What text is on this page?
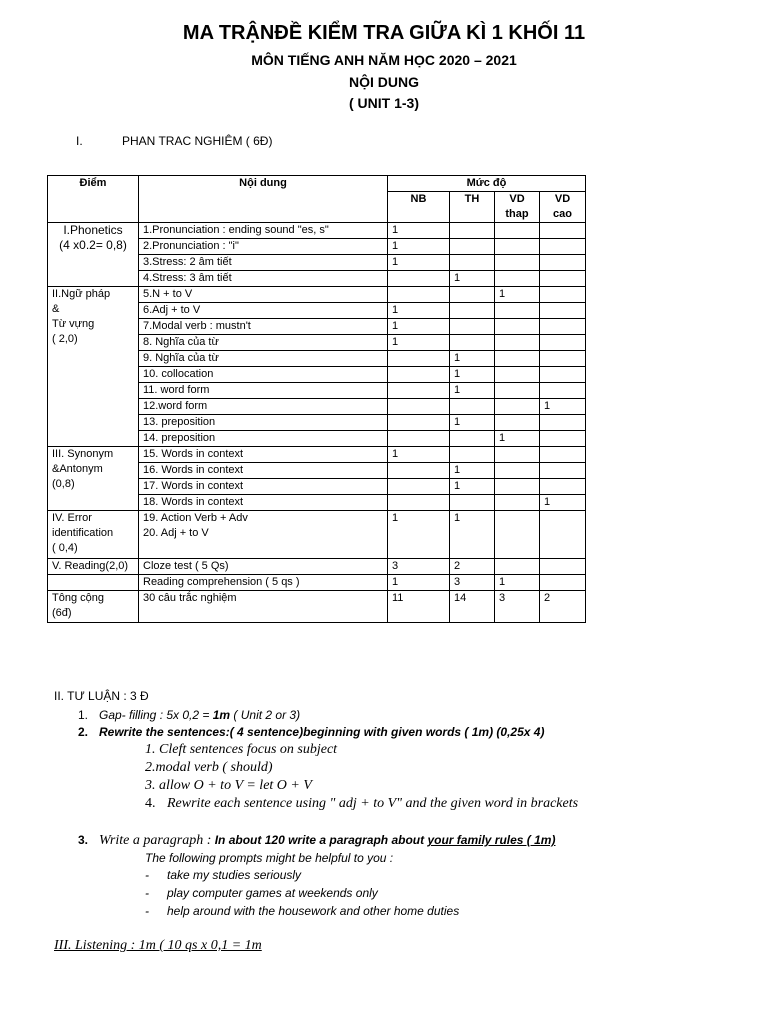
MA TRẬNĐỀ KIỂM TRA GIỮA KÌ 1 KHỐI 11
MÔN TIẾNG ANH NĂM HỌC 2020 – 2021
NỘI DUNG
( UNIT 1-3)
I.	PHAN TRAC NGHIÊM ( 6Đ)
Điểm	Nội dung	Mức độ			
		NB	TH	VD thap	VD cao

I.Phonetics
(4 x0.2= 0,8)	1.Pronunciation : ending sound "es, s"	1			
	2.Pronunciation : "i"	1			
	3.Stress: 2 âm tiết	1			
	4.Stress: 3 âm tiết		1		
II.Ngữ pháp
&
Từ vựng
( 2,0)	5.N + to V			1	
	6.Adj + to V	1			
	7.Modal verb : mustn't	1			
	8. Nghĩa của từ	1			
	9. Nghĩa của từ		1		
	10. collocation		1		
	11. word form		1		
	12.word form				1
	13. preposition		1		
	14. preposition			1	
III. Synonym
&Antonym
(0,8)	15. Words in context	1			
	16. Words in context		1		
	17. Words in context		1		
	18. Words in context				1
IV. Error
identification
( 0,4)	19. Action Verb + Adv
20. Adj + to V	1	1		
V. Reading(2,0)	Cloze test ( 5 Qs)	3	2		
	Reading comprehension ( 5 qs )	1	3	1	
Tông cộng
(6đ)	30 câu trắc nghiệm	11	14	3	2
II. TƯ LUẬN : 3 Đ
1. Gap- filling : 5x 0,2 = 1m ( Unit 2 or 3)
2. Rewrite the sentences:( 4 sentence)beginning with given words ( 1m) (0,25x 4)
1. Cleft sentences focus on subject
2.modal verb ( should)
3. allow O + to V = let O + V
4. Rewrite each sentence using " adj + to V" and the given word in brackets
3. Write a paragraph : In about 120 write a paragraph about your family rules ( 1m)
The following prompts might be helpful to you :
- take my studies seriously
- play computer games at weekends only
- help around with the housework and other home duties
III. Listening : 1m ( 10 qs x 0,1 = 1m
